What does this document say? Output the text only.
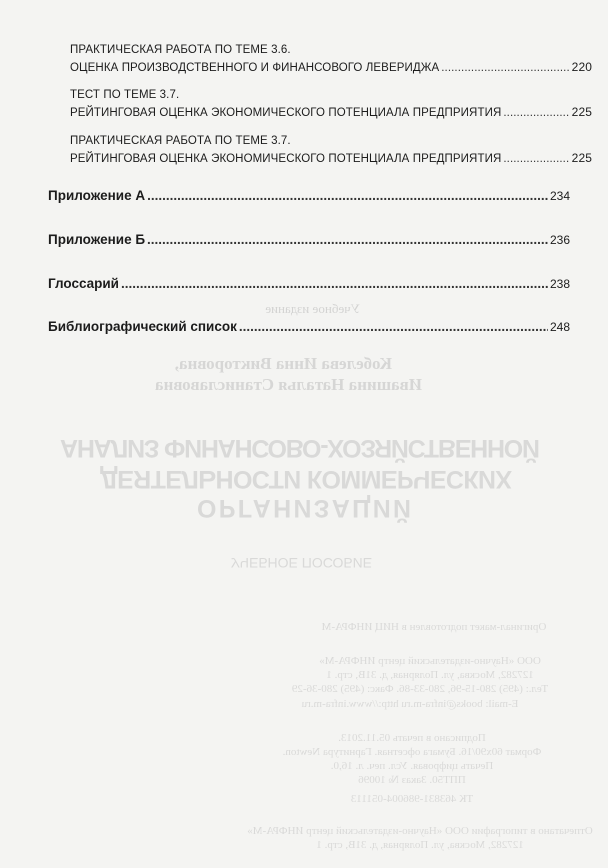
Учебное издание
Кобелева Инна Викторовна,
Ивашина Наталья Станиславовна
АНАЛИЗ ФИНАНСОВО-ХОЗЯЙСТВЕННОЙ
ДЕЯТЕЛЬНОСТИ КОММЕРЧЕСКИХ
ОРГАНИЗАЦИЙ
УЧЕБНОЕ ПОСОБИЕ
Оригинал-макет подготовлен в НИЦ ИНФРА-М
ООО «Научно-издательский центр ИНФРА-М»
127282, Москва, ул. Полярная, д. 31В, стр. 1
Тел.: (495) 280-15-96, 280-33-86. Факс: (495) 280-36-29
E-mail: books@infra-m.ru http://www.infra-m.ru
Подписано в печать 05.11.2013.
Формат 60x90/16. Бумага офсетная. Гарнитура Newton.
Печать цифровая. Усл. печ. л. 16,0.
ППТ50. Заказ № 10096
ТК 463831-986004-051113
Отпечатано в типографии ООО «Научно-издательский центр ИНФРА-М»
127282, Москва, ул. Полярная, д. 31В, стр. 1
ПРАКТИЧЕСКАЯ РАБОТА ПО ТЕМЕ 3.6.
ОЦЕНКА ПРОИЗВОДСТВЕННОГО И ФИНАНСОВОГО ЛЕВЕРИДЖА .....	220
ТЕСТ ПО ТЕМЕ 3.7.
РЕЙТИНГОВАЯ ОЦЕНКА ЭКОНОМИЧЕСКОГО ПОТЕНЦИАЛА ПРЕДПРИЯТИЯ .....	225
ПРАКТИЧЕСКАЯ РАБОТА ПО ТЕМЕ 3.7.
РЕЙТИНГОВАЯ ОЦЕНКА ЭКОНОМИЧЕСКОГО ПОТЕНЦИАЛА ПРЕДПРИЯТИЯ .....	225
Приложение А .....	234
Приложение Б .....	236
Глоссарий .....	238
Библиографический список .....	248
